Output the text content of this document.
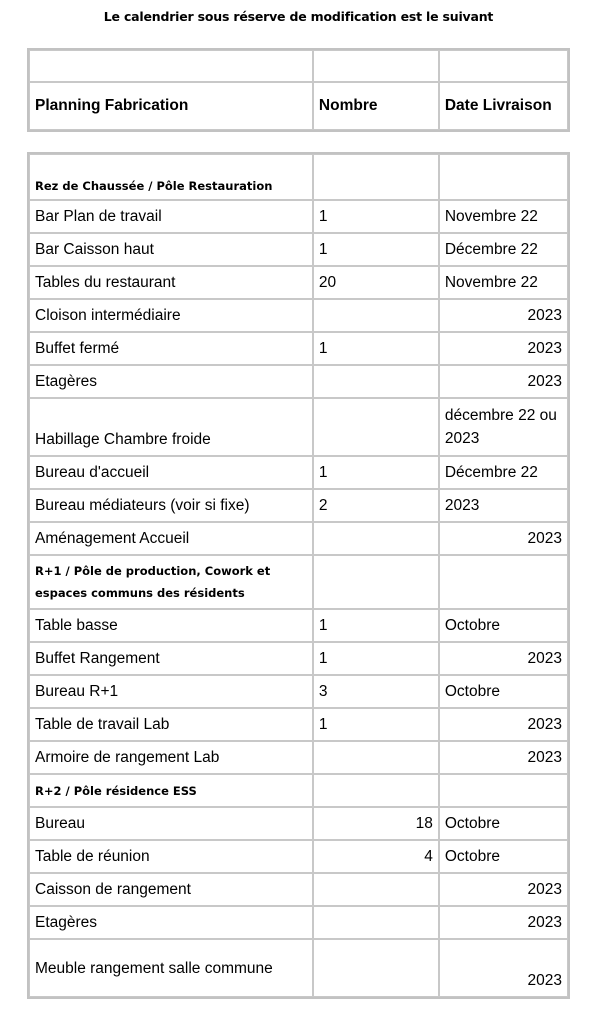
Le calendrier sous réserve de modification est le suivant

Planning Fabrication	Nombre	Date Livraison
Rez de Chaussée / Pôle Restauration		
Bar Plan de travail	1	Novembre 22
Bar Caisson haut	1	Décembre 22
Tables du restaurant	20	Novembre 22
Cloison intermédiaire		2023
Buffet fermé	1	2023
Etagères		2023
Habillage Chambre froide		décembre 22 ou 2023
Bureau d'accueil	1	Décembre 22
Bureau médiateurs (voir si fixe)	2	2023
Aménagement Accueil		2023
R+1 / Pôle de production, Cowork et espaces communs des résidents		
Table basse	1	Octobre
Buffet Rangement	1	2023
Bureau R+1	3	Octobre
Table de travail Lab	1	2023
Armoire de rangement Lab		2023
R+2 / Pôle résidence ESS		
Bureau	18	Octobre
Table de réunion	4	Octobre
Caisson de rangement		2023
Etagères		2023
Meuble rangement salle commune		2023
